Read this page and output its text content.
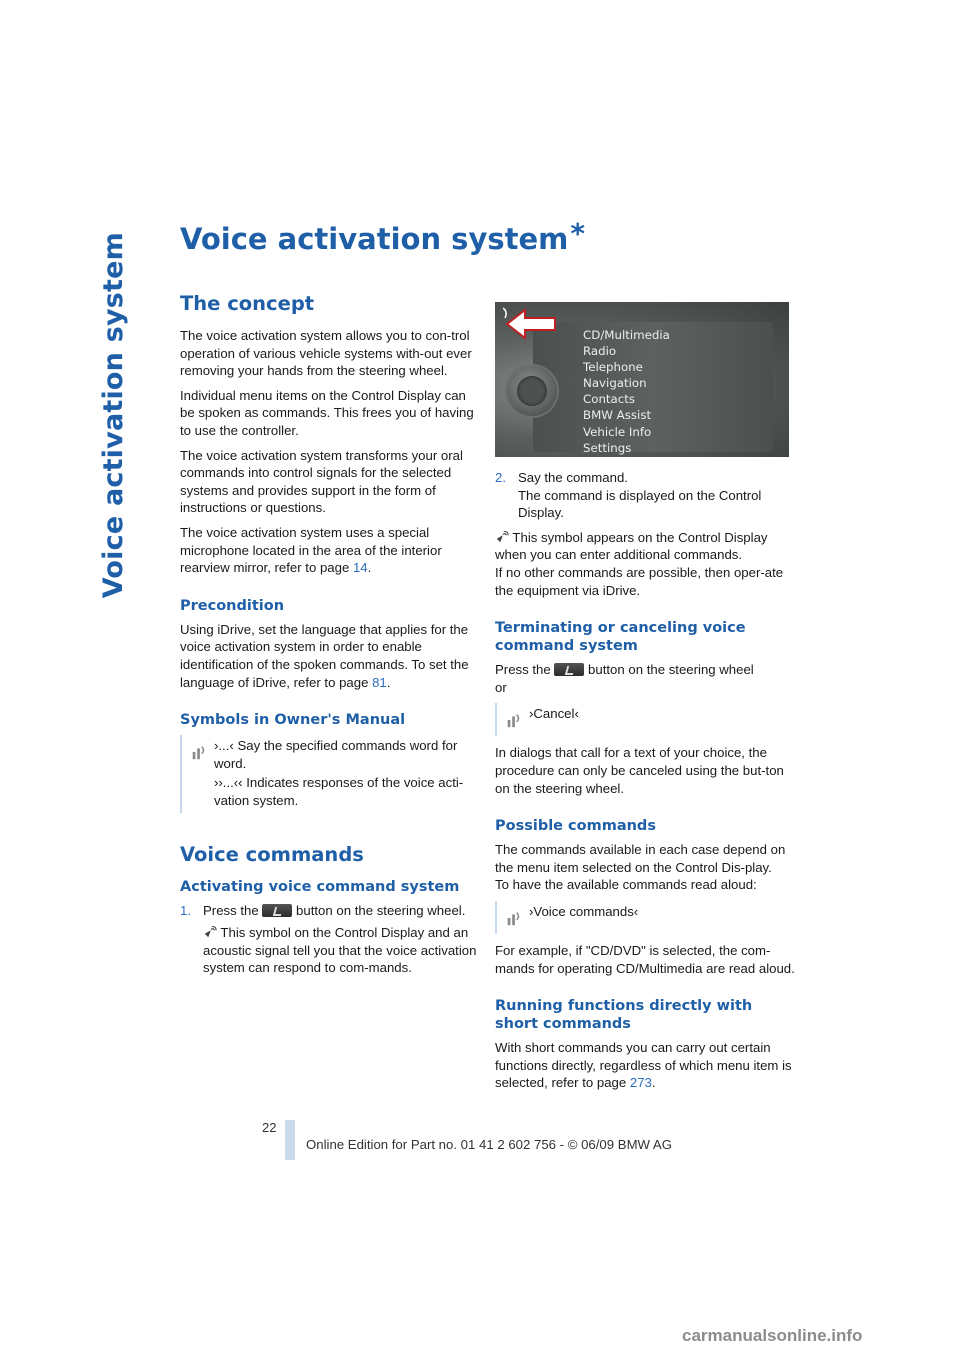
Voice activation system Voice activation system*
The concept

The voice activation system allows you to con-trol operation of various vehicle systems with-out ever removing your hands from the steering wheel.

Individual menu items on the Control Display can be spoken as commands. This frees you of having to use the controller.

The voice activation system transforms your oral commands into control signals for the selected systems and provides support in the form of instructions or questions.

The voice activation system uses a special microphone located in the area of the interior rearview mirror, refer to page 14.

Precondition

Using iDrive, set the language that applies for the voice activation system in order to enable identification of the spoken commands. To set the language of iDrive, refer to page 81.

Symbols in Owner's Manual

›...‹ Say the specified commands word for word.

››...‹‹ Indicates responses of the voice acti-vation system.

Voice commands
Activating voice command system
1. Press the  button on the steering wheel.

This symbol on the Control Display and an acoustic signal tell you that the voice activation system can respond to com-mands.

CD/Multimedia
Radio
Telephone
Navigation
Contacts
BMW Assist
Vehicle Info
Settings
2. Say the command.

The command is displayed on the Control Display.

This symbol appears on the Control Display when you can enter additional commands.
If no other commands are possible, then oper-ate the equipment via iDrive.

Terminating or canceling voice command system

Press the  button on the steering wheel
or

›Cancel‹

In dialogs that call for a text of your choice, the procedure can only be canceled using the but-ton on the steering wheel.

Possible commands

The commands available in each case depend on the menu item selected on the Control Dis-play.
To have the available commands read aloud:

›Voice commands‹

For example, if "CD/DVD" is selected, the com-mands for operating CD/Multimedia are read aloud.

Running functions directly with short commands

With short commands you can carry out certain functions directly, regardless of which menu item is selected, refer to page 273.

22
Online Edition for Part no. 01 41 2 602 756 - © 06/09 BMW AG
carmanualsonline.info
